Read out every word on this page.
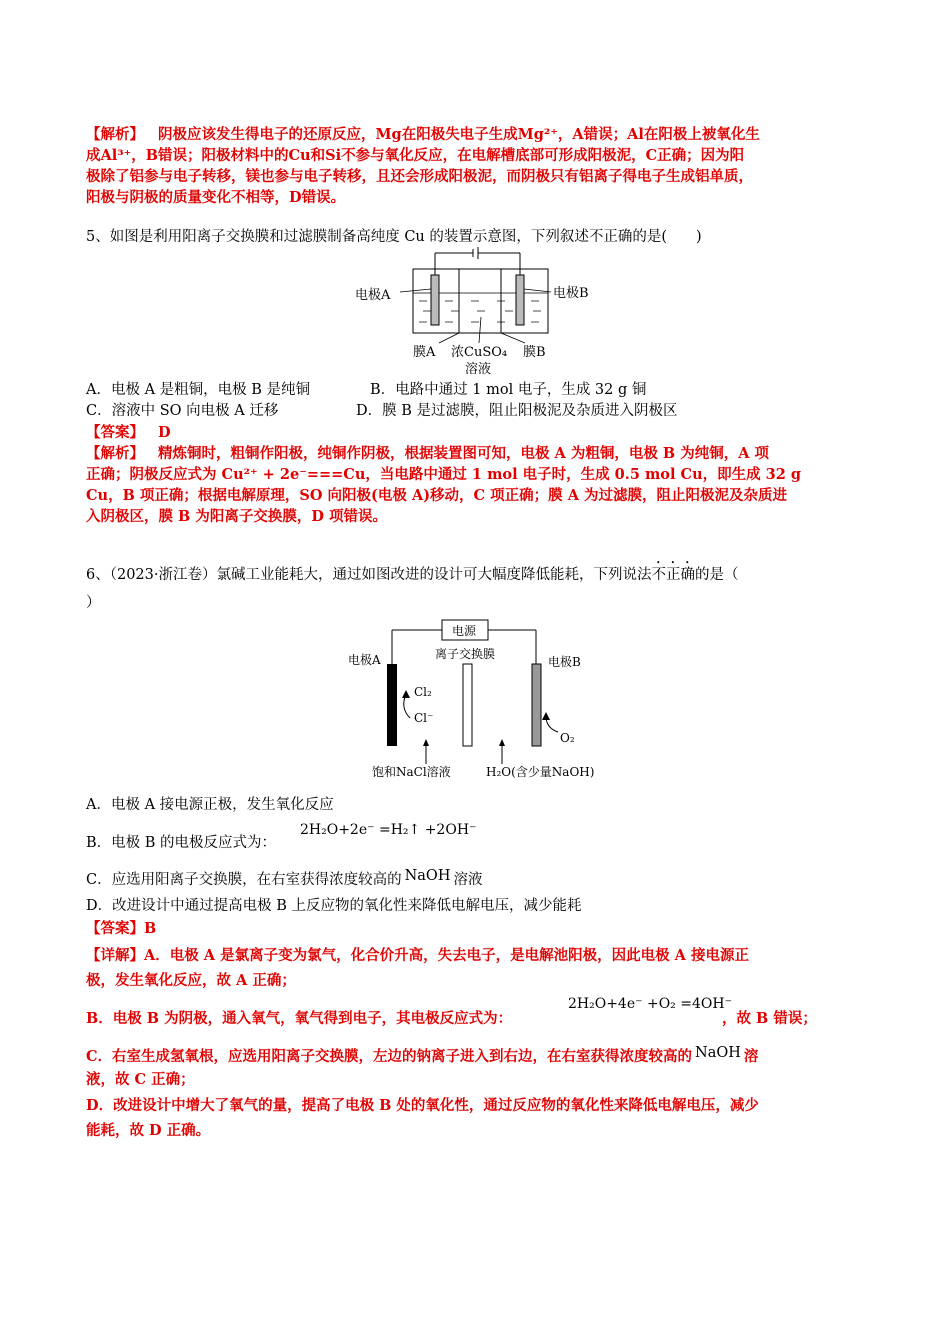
【解析】 阴极应该发生得电子的还原反应，Mg在阳极失电子生成Mg²⁺，A错误；Al在阳极上被氧化生
成Al³⁺，B错误；阳极材料中的Cu和Si不参与氧化反应，在电解槽底部可形成阳极泥，C正确；因为阳
极除了铝参与电子转移，镁也参与电子转移，且还会形成阳极泥，而阴极只有铝离子得电子生成铝单质，
阳极与阴极的质量变化不相等，D错误。
5、如图是利用阳离子交换膜和过滤膜制备高纯度 Cu 的装置示意图，下列叙述不正确的是(　　)
电极A	电极B
膜A 浓CuSO₄ 膜B
溶液
A．电极 A 是粗铜，电极 B 是纯铜	B．电路中通过 1 mol 电子，生成 32 g 铜
C．溶液中 SO 向电极 A 迁移	D．膜 B 是过滤膜，阻止阳极泥及杂质进入阴极区
【答案】 D
【解析】 精炼铜时，粗铜作阳极，纯铜作阴极，根据装置图可知，电极 A 为粗铜，电极 B 为纯铜，A 项
正确；阴极反应式为 Cu²⁺ + 2e⁻===Cu，当电路中通过 1 mol 电子时，生成 0.5 mol Cu，即生成 32 g
Cu，B 项正确；根据电解原理，SO 向阳极(电极 A)移动，C 项正确；膜 A 为过滤膜，阻止阳极泥及杂质进
入阴极区，膜 B 为阳离子交换膜，D 项错误。
6、（2023·浙江卷）氯碱工业能耗大，通过如图改进的设计可大幅度降低能耗，下列说法不正确的是（
）
电源
电极A	离子交换膜
电极B
Cl₂
Cl⁻
O₂
饱和NaCl溶液	H₂O(含少量NaOH)
A．电极 A 接电源正极，发生氧化反应
B．电极 B 的电极反应式为：
2H₂O+2e⁻ =H₂↑ +2OH⁻
C．应选用阳离子交换膜，在右室获得浓度较高的 NaOH 溶液
D．改进设计中通过提高电极 B 上反应物的氧化性来降低电解电压，减少能耗
【答案】B
【详解】A．电极 A 是氯离子变为氯气，化合价升高，失去电子，是电解池阳极，因此电极 A 接电源正
极，发生氧化反应，故 A 正确；
B．电极 B 为阴极，通入氧气，氧气得到电子，其电极反应式为：
2H₂O+4e⁻ +O₂ =4OH⁻
，故 B 错误；
C．右室生成氢氧根，应选用阳离子交换膜，左边的钠离子进入到右边，在右室获得浓度较高的 NaOH 溶
液，故 C 正确；
D．改进设计中增大了氧气的量，提高了电极 B 处的氧化性，通过反应物的氧化性来降低电解电压，减少
能耗，故 D 正确。
